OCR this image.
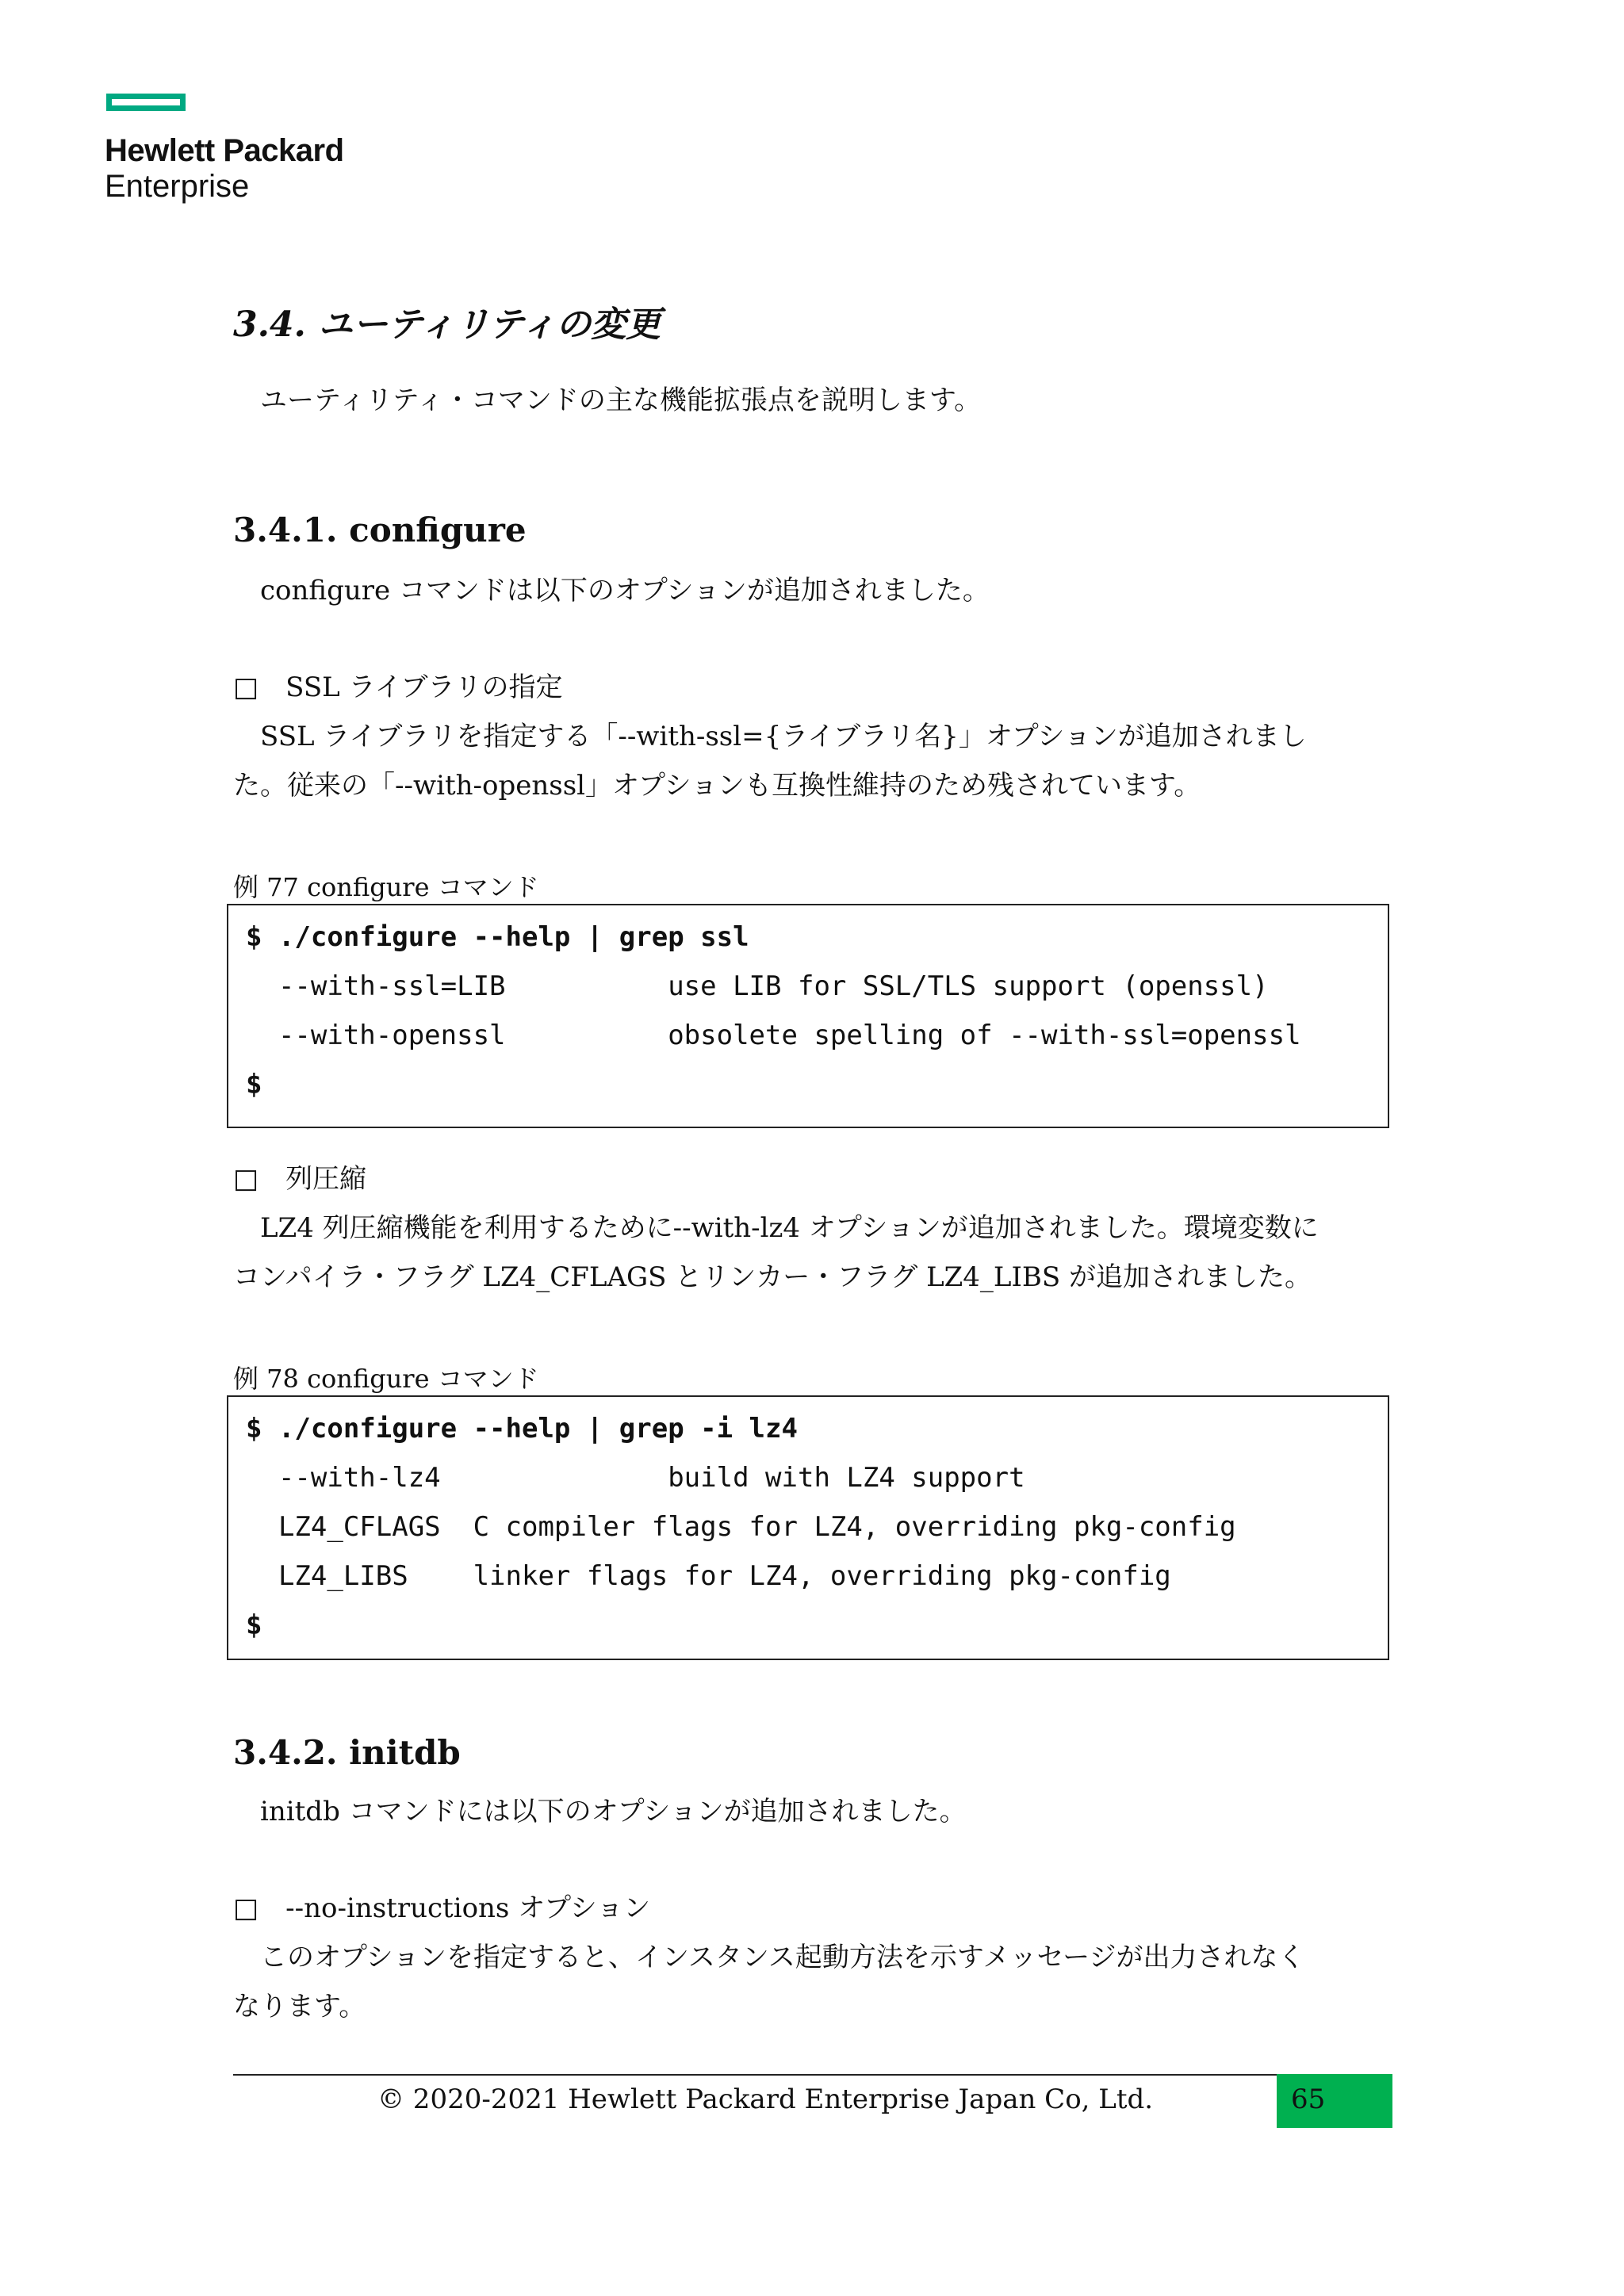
Hewlett Packard
Enterprise
3.4. ユーティリティの変更
ユーティリティ・コマンドの主な機能拡張点を説明します。
3.4.1. configure
configure コマンドは以下のオプションが追加されました。
□　SSL ライブラリの指定
SSL ライブラリを指定する「--with-ssl={ライブラリ名}」オプションが追加されまし
た。従来の「--with-openssl」オプションも互換性維持のため残されています。
例 77 configure コマンド
$ ./configure --help | grep ssl
--with-ssl=LIB          use LIB for SSL/TLS support (openssl)
--with-openssl          obsolete spelling of --with-ssl=openssl
$
□　列圧縮
LZ4 列圧縮機能を利用するために--with-lz4 オプションが追加されました。環境変数に
コンパイラ・フラグ LZ4_CFLAGS とリンカー・フラグ LZ4_LIBS が追加されました。
例 78 configure コマンド
$ ./configure --help | grep -i lz4
--with-lz4              build with LZ4 support
LZ4_CFLAGS  C compiler flags for LZ4, overriding pkg-config
LZ4_LIBS    linker flags for LZ4, overriding pkg-config
$
3.4.2. initdb
initdb コマンドには以下のオプションが追加されました。
□　--no-instructions オプション
このオプションを指定すると、インスタンス起動方法を示すメッセージが出力されなく
なります。
© 2020-2021 Hewlett Packard Enterprise Japan Co, Ltd.	65
